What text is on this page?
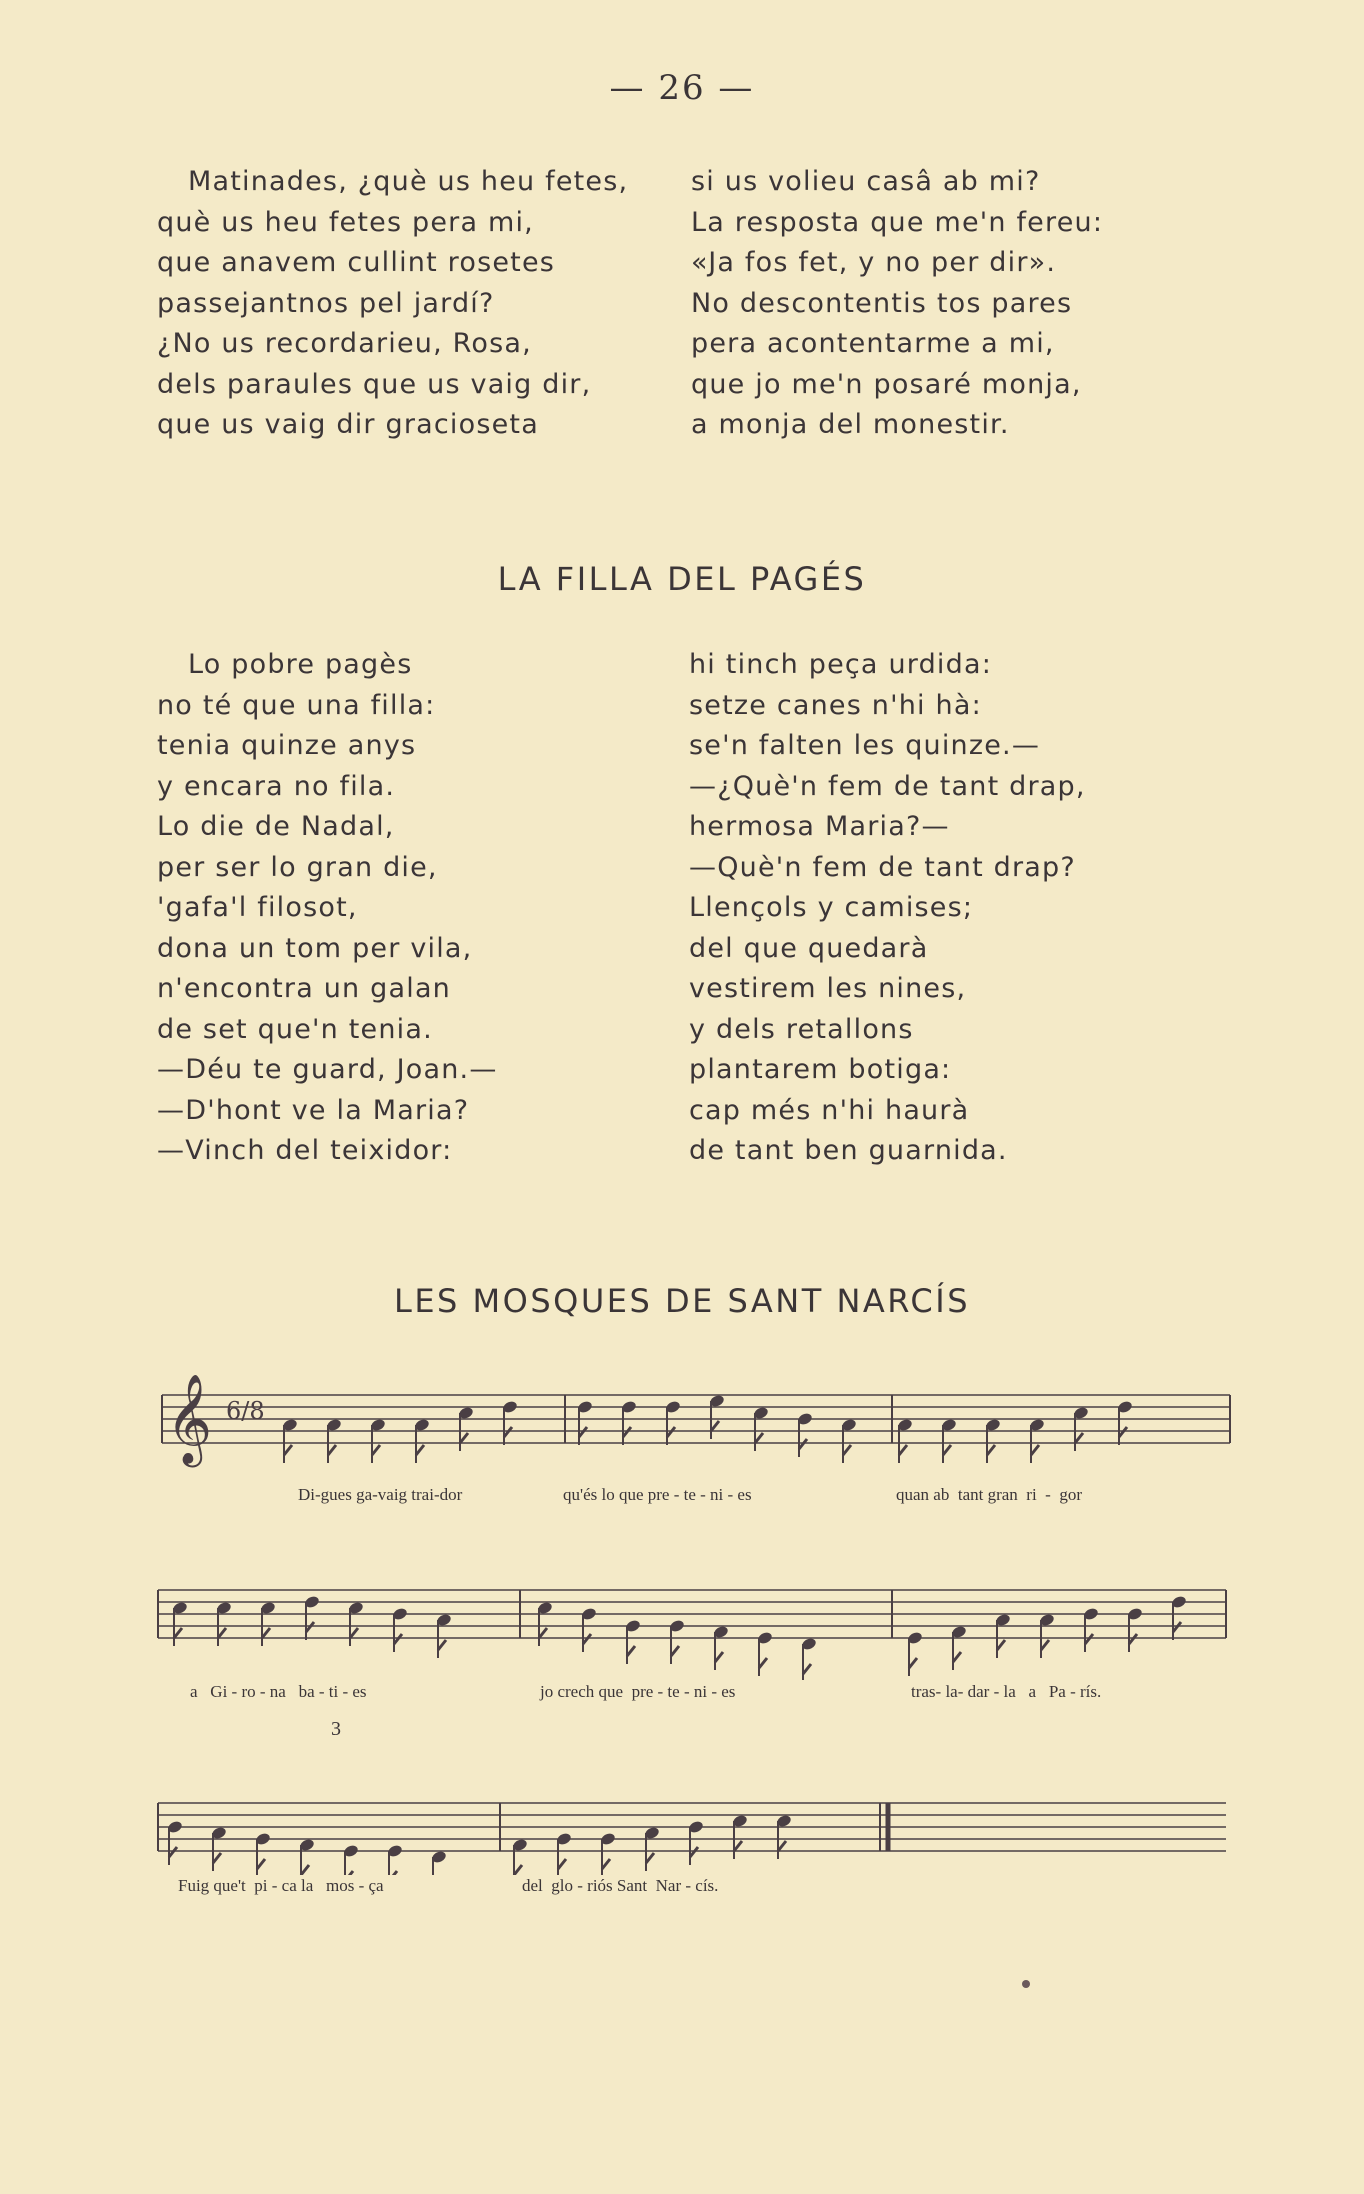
— 26 —
Matinades, ¿què us heu fetes,
què us heu fetes pera mi,
que anavem cullint rosetes
passejantnos pel jardí?
¿No us recordarieu, Rosa,
dels paraules que us vaig dir,
que us vaig dir gracioseta
si us volieu casâ ab mi?
La resposta que me'n fereu:
«Ja fos fet, y no per dir».
No descontentis tos pares
pera acontentarme a mi,
que jo me'n posaré monja,
a monja del monestir.
LA FILLA DEL PAGÉS
Lo pobre pagès
no té que una filla:
tenia quinze anys
y encara no fila.
Lo die de Nadal,
per ser lo gran die,
'gafa'l filosot,
dona un tom per vila,
n'encontra un galan
de set que'n tenia.
—Déu te guard, Joan.—
—D'hont ve la Maria?
—Vinch del teixidor:
hi tinch peça urdida:
setze canes n'hi hà:
se'n falten les quinze.—
—¿Què'n fem de tant drap,
hermosa Maria?—
—Què'n fem de tant drap?
Llençols y camises;
del que quedarà
vestirem les nines,
y dels retallons
plantarem botiga:
cap més n'hi haurà
de tant ben guarnida.
LES MOSQUES DE SANT NARCÍS
𝄞 6/8
Di-gues ga-vaig trai-dor	qu'és lo que pre - te - ni - es	quan ab  tant gran  ri  -  gor
a   Gi - ro - na   ba - ti - es	jo crech que  pre - te - ni - es	tras- la- dar - la   a   Pa - rís.
3
Fuig que't  pi - ca la   mos - ça	del  glo - riós Sant  Nar - cís.
